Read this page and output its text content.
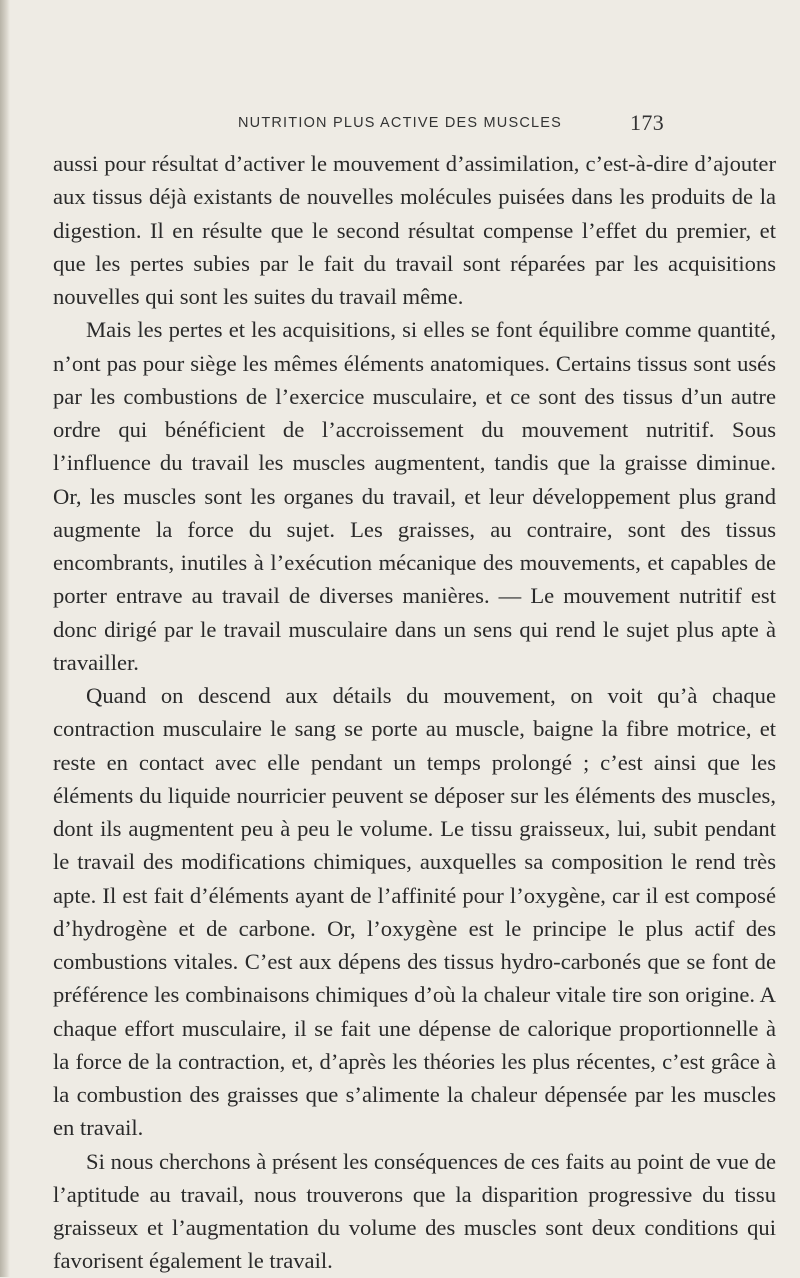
NUTRITION PLUS ACTIVE DES MUSCLES	173

aussi pour résultat d’activer le mouvement d’assimilation, c’est-à-dire d’ajouter aux tissus déjà existants de nouvelles molécules puisées dans les produits de la digestion. Il en résulte que le second résultat compense l’effet du premier, et que les pertes subies par le fait du travail sont réparées par les acquisitions nouvelles qui sont les suites du travail même.

Mais les pertes et les acquisitions, si elles se font équilibre comme quantité, n’ont pas pour siège les mêmes éléments anatomiques. Certains tissus sont usés par les combustions de l’exercice musculaire, et ce sont des tissus d’un autre ordre qui bénéficient de l’accroissement du mouvement nutritif. Sous l’influence du travail les muscles augmentent, tandis que la graisse diminue. Or, les muscles sont les organes du travail, et leur développement plus grand augmente la force du sujet. Les graisses, au contraire, sont des tissus encombrants, inutiles à l’exécution mécanique des mouvements, et capables de porter entrave au travail de diverses manières. — Le mouvement nutritif est donc dirigé par le travail musculaire dans un sens qui rend le sujet plus apte à travailler.

Quand on descend aux détails du mouvement, on voit qu’à chaque contraction musculaire le sang se porte au muscle, baigne la fibre motrice, et reste en contact avec elle pendant un temps prolongé ; c’est ainsi que les éléments du liquide nourricier peuvent se déposer sur les éléments des muscles, dont ils augmentent peu à peu le volume. Le tissu graisseux, lui, subit pendant le travail des modifications chimiques, auxquelles sa composition le rend très apte. Il est fait d’éléments ayant de l’affinité pour l’oxygène, car il est composé d’hydrogène et de carbone. Or, l’oxygène est le principe le plus actif des combustions vitales. C’est aux dépens des tissus hydro-carbonés que se font de préférence les combinaisons chimiques d’où la chaleur vitale tire son origine. A chaque effort musculaire, il se fait une dépense de calorique proportionnelle à la force de la contraction, et, d’après les théories les plus récentes, c’est grâce à la combustion des graisses que s’alimente la chaleur dépensée par les muscles en travail.

Si nous cherchons à présent les conséquences de ces faits au point de vue de l’aptitude au travail, nous trouverons que la disparition progressive du tissu graisseux et l’augmentation du volume des muscles sont deux conditions qui favorisent également le travail.
